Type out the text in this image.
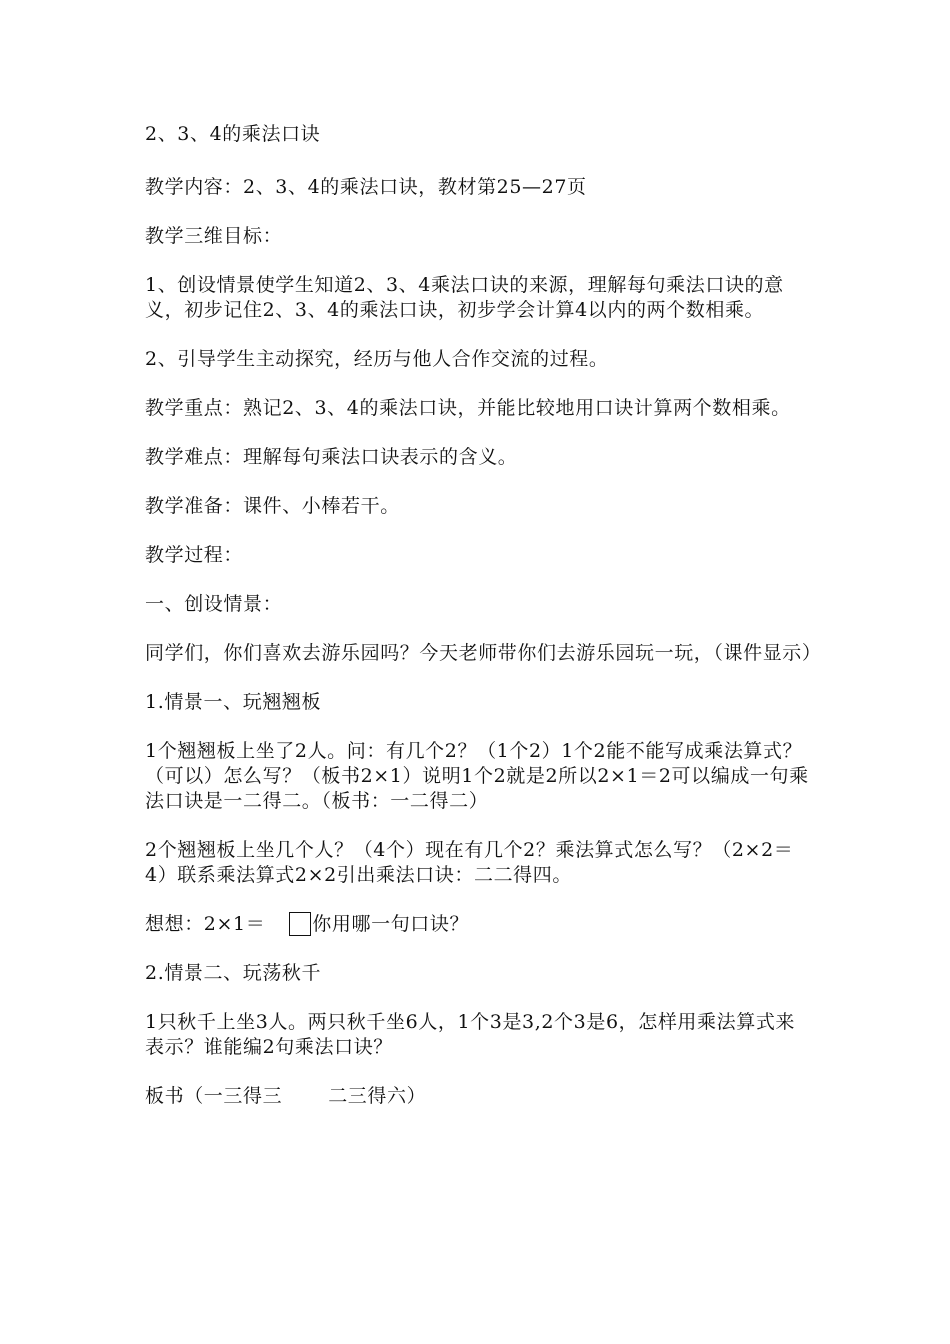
2、3、4的乘法口诀

教学内容：2、3、4的乘法口诀，教材第25—27页

教学三维目标：

1、创设情景使学生知道2、3、4乘法口诀的来源，理解每句乘法口诀的意义，初步记住2、3、4的乘法口诀，初步学会计算4以内的两个数相乘。

2、引导学生主动探究，经历与他人合作交流的过程。

教学重点：熟记2、3、4的乘法口诀，并能比较地用口诀计算两个数相乘。

教学难点：理解每句乘法口诀表示的含义。

教学准备：课件、小棒若干。

教学过程：

一、创设情景：

同学们，你们喜欢去游乐园吗？今天老师带你们去游乐园玩一玩，（课件显示）

1.情景一、玩翘翘板

1个翘翘板上坐了2人。问：有几个2？（1个2）1个2能不能写成乘法算式？（可以）怎么写？（板书2×1）说明1个2就是2所以2×1＝2可以编成一句乘法口诀是一二得二。（板书：一二得二）

2个翘翘板上坐几个人？（4个）现在有几个2？乘法算式怎么写？（2×2＝4）联系乘法算式2×2引出乘法口诀：二二得四。

想想：2×1＝ 你用哪一句口诀？

2.情景二、玩荡秋千

1只秋千上坐3人。两只秋千坐6人，1个3是3,2个3是6，怎样用乘法算式来表示？谁能编2句乘法口诀？

板书（一三得三 二三得六）
